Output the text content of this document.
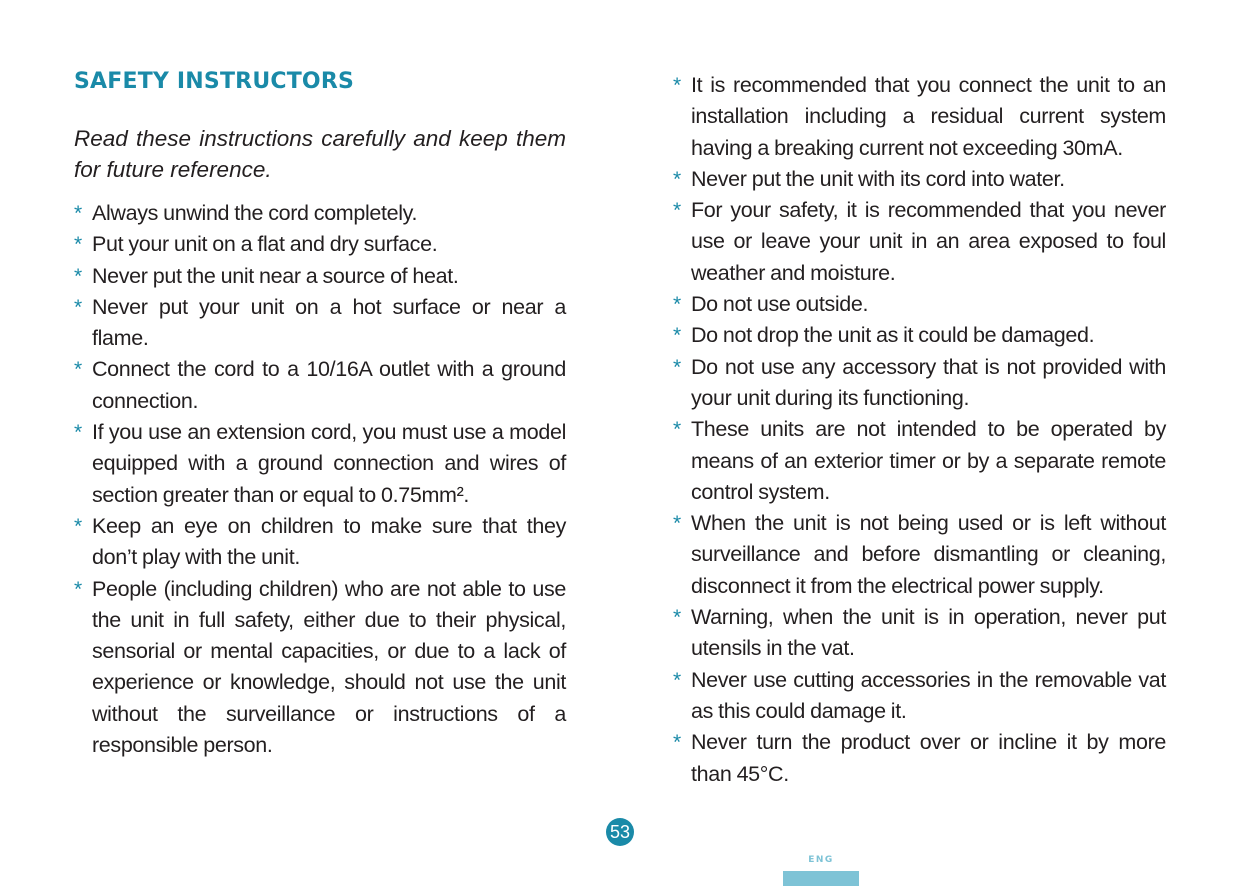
SAFETY INSTRUCTORS

Read these instructions carefully and keep them for future reference.

* Always unwind the cord completely.
* Put your unit on a flat and dry surface.
* Never put the unit near a source of heat.
* Never put your unit on a hot surface or near a flame.
* Connect the cord to a 10/16A outlet with a ground connection.
* If you use an extension cord, you must use a model equipped with a ground connection and wires of section greater than or equal to 0.75mm².
* Keep an eye on children to make sure that they don’t play with the unit.
* People (including children) who are not able to use the unit in full safety, either due to their physical, sensorial or mental capacities, or due to a lack of experience or knowledge, should not use the unit without the surveillance or instructions of a responsible person.
* It is recommended that you connect the unit to an installation including a residual current system having a breaking current not exceeding 30mA.
* Never put the unit with its cord into water.
* For your safety, it is recommended that you never use or leave your unit in an area exposed to foul weather and moisture.
* Do not use outside.
* Do not drop the unit as it could be damaged.
* Do not use any accessory that is not provided with your unit during its functioning.
* These units are not intended to be operated by means of an exterior timer or by a separate remote control system.
* When the unit is not being used or is left without surveillance and before dismantling or cleaning, disconnect it from the electrical power supply.
* Warning, when the unit is in operation, never put utensils in the vat.
* Never use cutting accessories in the removable vat as this could damage it.
* Never turn the product over or incline it by more than 45°C.
53
ENG
